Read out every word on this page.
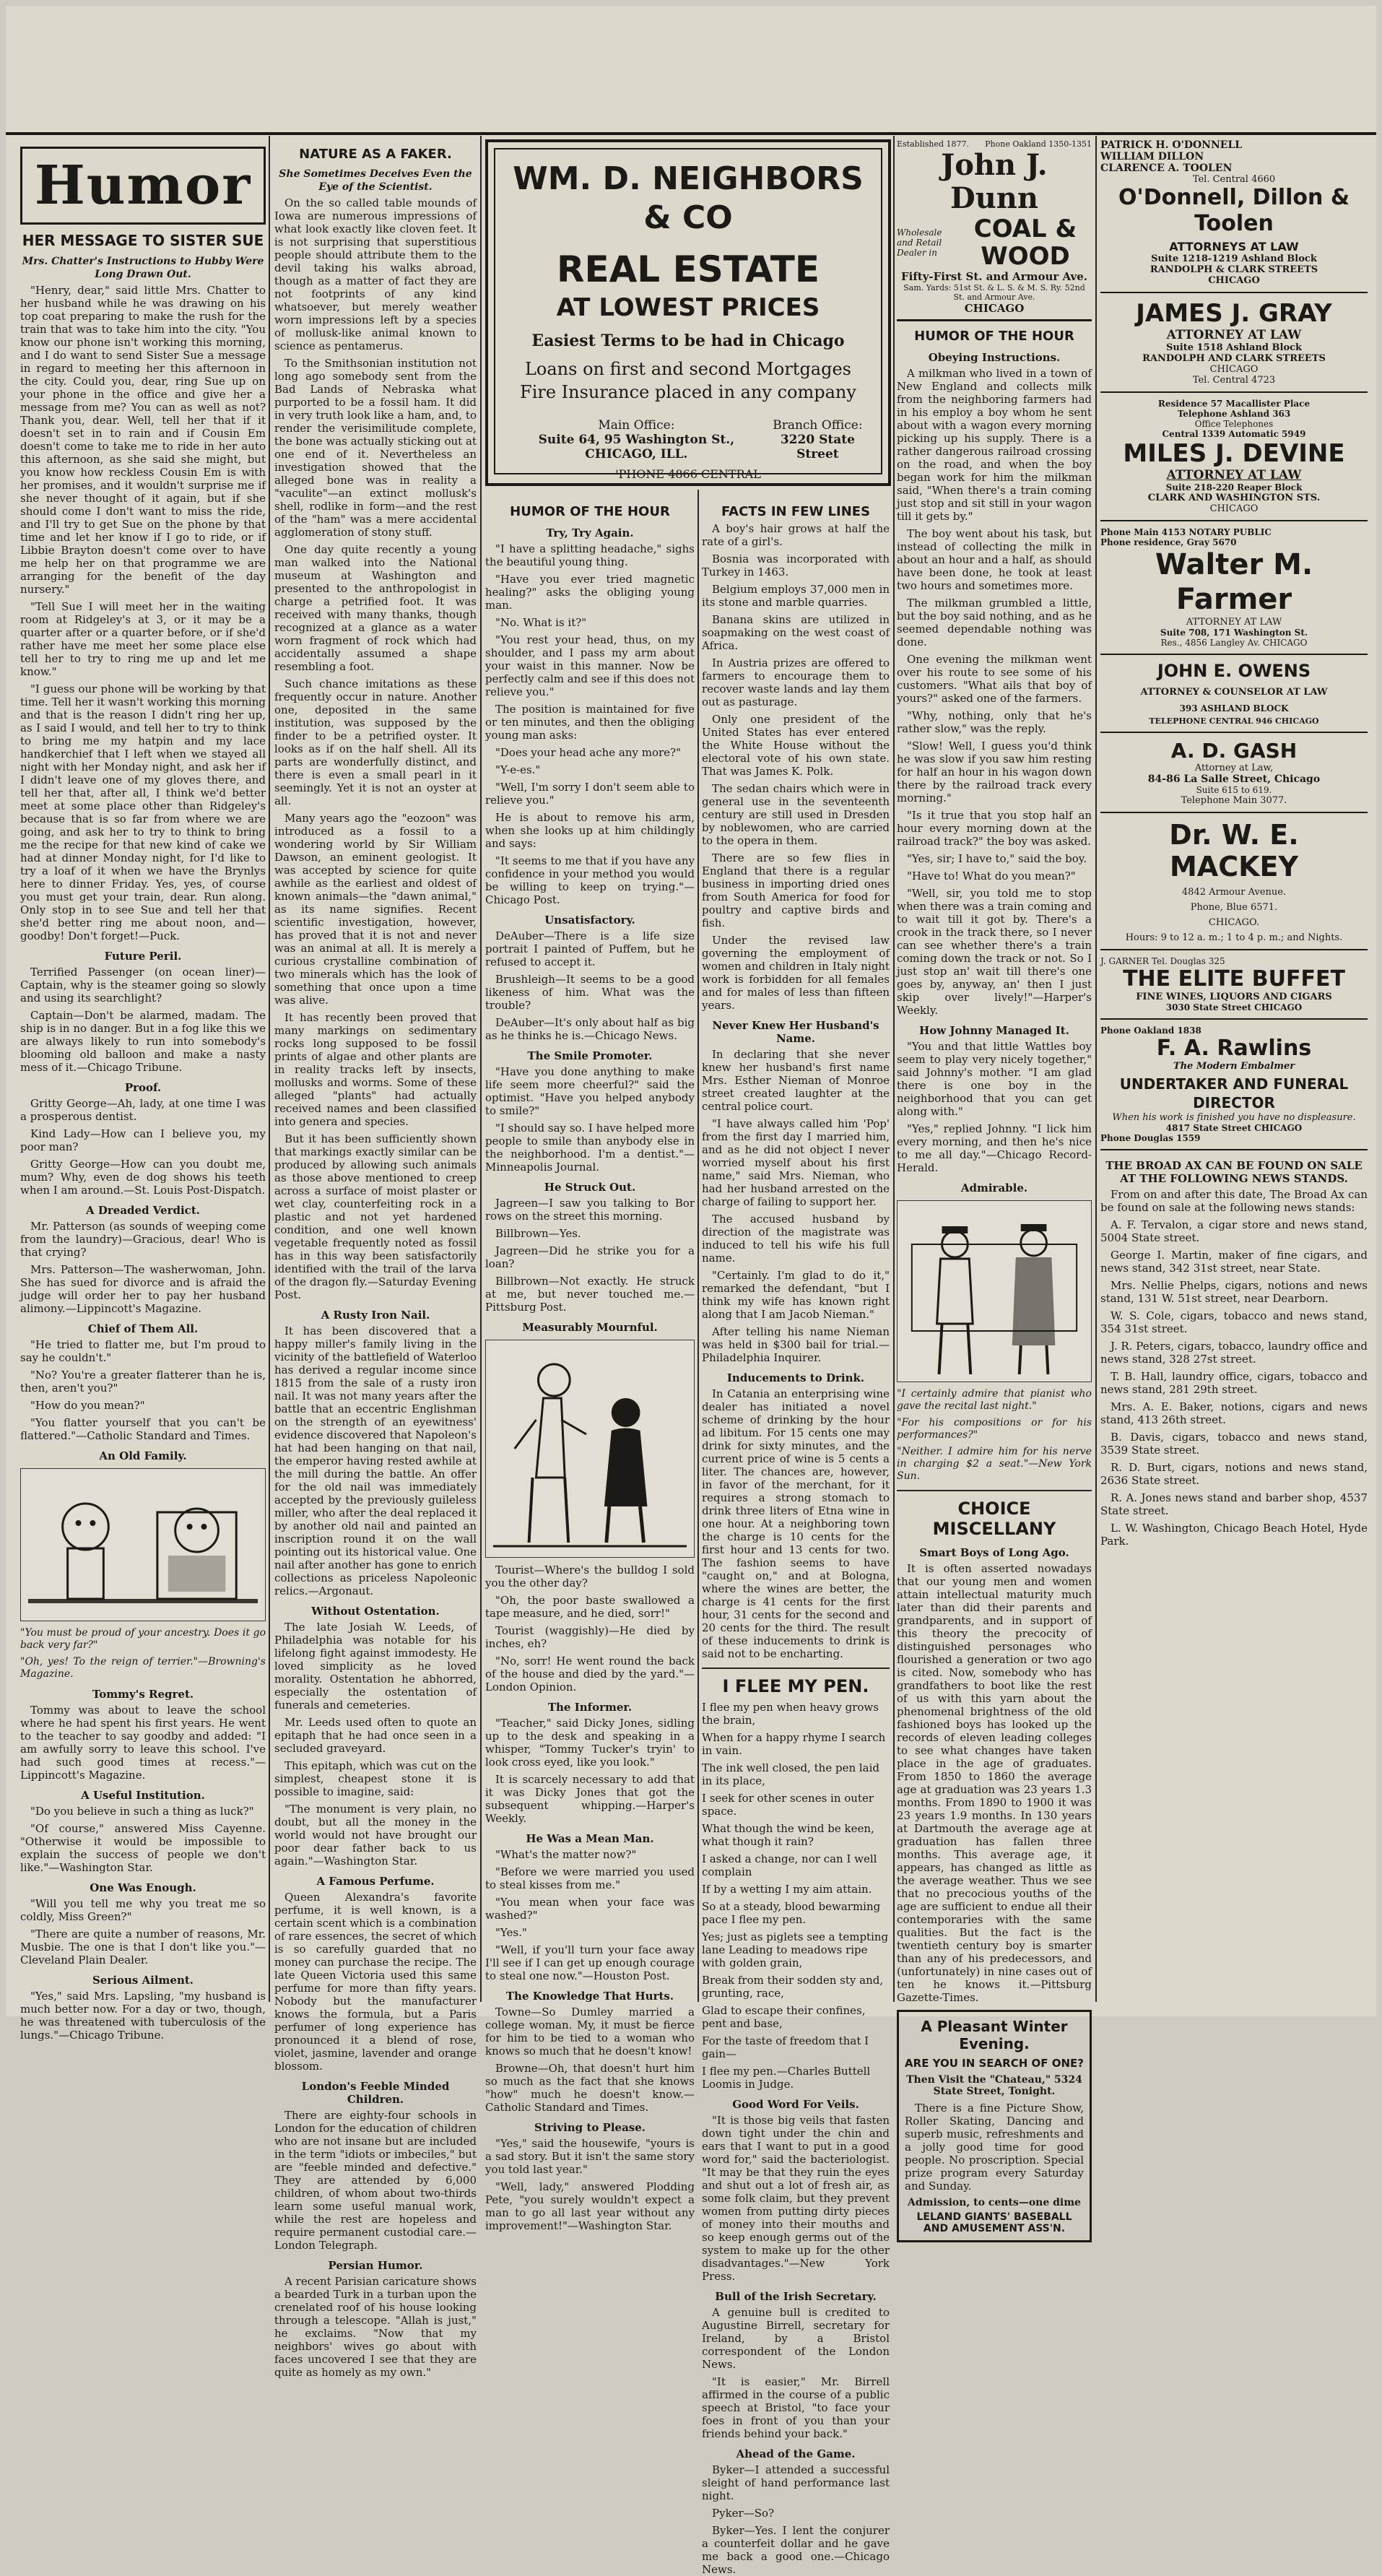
Humor
HER MESSAGE TO SISTER SUE

Mrs. Chatter's Instructions to Hubby Were Long Drawn Out.

"Henry, dear," said little Mrs. Chatter to her husband while he was drawing on his top coat preparing to make the rush for the train that was to take him into the city. "You know our phone isn't working this morning, and I do want to send Sister Sue a message in regard to meeting her this afternoon in the city. Could you, dear, ring Sue up on your phone in the office and give her a message from me? You can as well as not? Thank you, dear. Well, tell her that if it doesn't set in to rain and if Cousin Em doesn't come to take me to ride in her auto this afternoon, as she said she might, but you know how reckless Cousin Em is with her promises, and it wouldn't surprise me if she never thought of it again, but if she should come I don't want to miss the ride, and I'll try to get Sue on the phone by that time and let her know if I go to ride, or if Libbie Brayton doesn't come over to have me help her on that programme we are arranging for the benefit of the day nursery."

"Tell Sue I will meet her in the waiting room at Ridgeley's at 3, or it may be a quarter after or a quarter before, or if she'd rather have me meet her some place else tell her to try to ring me up and let me know."

"I guess our phone will be working by that time. Tell her it wasn't working this morning and that is the reason I didn't ring her up, as I said I would, and tell her to try to think to bring me my hatpin and my lace handkerchief that I left when we stayed all night with her Monday night, and ask her if I didn't leave one of my gloves there, and tell her that, after all, I think we'd better meet at some place other than Ridgeley's because that is so far from where we are going, and ask her to try to think to bring me the recipe for that new kind of cake we had at dinner Monday night, for I'd like to try a loaf of it when we have the Brynlys here to dinner Friday. Yes, yes, of course you must get your train, dear. Run along. Only stop in to see Sue and tell her that she'd better ring me about noon, and—goodby! Don't forget!—Puck.

Future Peril.

Terrified Passenger (on ocean liner)—Captain, why is the steamer going so slowly and using its searchlight?

Captain—Don't be alarmed, madam. The ship is in no danger. But in a fog like this we are always likely to run into somebody's blooming old balloon and make a nasty mess of it.—Chicago Tribune.

Proof.

Gritty George—Ah, lady, at one time I was a prosperous dentist.

Kind Lady—How can I believe you, my poor man?

Gritty George—How can you doubt me, mum? Why, even de dog shows his teeth when I am around.—St. Louis Post-Dispatch.

A Dreaded Verdict.

Mr. Patterson (as sounds of weeping come from the laundry)—Gracious, dear! Who is that crying?

Mrs. Patterson—The washerwoman, John. She has sued for divorce and is afraid the judge will order her to pay her husband alimony.—Lippincott's Magazine.

Chief of Them All.

"He tried to flatter me, but I'm proud to say he couldn't."

"No? You're a greater flatterer than he is, then, aren't you?"

"How do you mean?"

"You flatter yourself that you can't be flattered."—Catholic Standard and Times.

An Old Family.

"You must be proud of your ancestry. Does it go back very far?"

"Oh, yes! To the reign of terrier."—Browning's Magazine.

Tommy's Regret.

Tommy was about to leave the school where he had spent his first years. He went to the teacher to say goodby and added: "I am awfully sorry to leave this school. I've had such good times at recess."—Lippincott's Magazine.

A Useful Institution.

"Do you believe in such a thing as luck?"

"Of course," answered Miss Cayenne. "Otherwise it would be impossible to explain the success of people we don't like."—Washington Star.

One Was Enough.

"Will you tell me why you treat me so coldly, Miss Green?"

"There are quite a number of reasons, Mr. Musbie. The one is that I don't like you."—Cleveland Plain Dealer.

Serious Ailment.

"Yes," said Mrs. Lapsling, "my husband is much better now. For a day or two, though, he was threatened with tuberculosis of the lungs."—Chicago Tribune.

NATURE AS A FAKER.

She Sometimes Deceives Even the Eye of the Scientist.

On the so called table mounds of Iowa are numerous impressions of what look exactly like cloven feet. It is not surprising that superstitious people should attribute them to the devil taking his walks abroad, though as a matter of fact they are not footprints of any kind whatsoever, but merely weather worn impressions left by a species of mollusk-like animal known to science as pentamerus.

To the Smithsonian institution not long ago somebody sent from the Bad Lands of Nebraska what purported to be a fossil ham. It did in very truth look like a ham, and, to render the verisimilitude complete, the bone was actually sticking out at one end of it. Nevertheless an investigation showed that the alleged bone was in reality a "vaculite"—an extinct mollusk's shell, rodlike in form—and the rest of the "ham" was a mere accidental agglomeration of stony stuff.

One day quite recently a young man walked into the National museum at Washington and presented to the anthropologist in charge a petrified foot. It was received with many thanks, though recognized at a glance as a water worn fragment of rock which had accidentally assumed a shape resembling a foot.

Such chance imitations as these frequently occur in nature. Another one, deposited in the same institution, was supposed by the finder to be a petrified oyster. It looks as if on the half shell. All its parts are wonderfully distinct, and there is even a small pearl in it seemingly. Yet it is not an oyster at all.

Many years ago the "eozoon" was introduced as a fossil to a wondering world by Sir William Dawson, an eminent geologist. It was accepted by science for quite awhile as the earliest and oldest of known animals—the "dawn animal," as its name signifies. Recent scientific investigation, however, has proved that it is not and never was an animal at all. It is merely a curious crystalline combination of two minerals which has the look of something that once upon a time was alive.

It has recently been proved that many markings on sedimentary rocks long supposed to be fossil prints of algae and other plants are in reality tracks left by insects, mollusks and worms. Some of these alleged "plants" had actually received names and been classified into genera and species.

But it has been sufficiently shown that markings exactly similar can be produced by allowing such animals as those above mentioned to creep across a surface of moist plaster or wet clay, counterfeiting rock in a plastic and not yet hardened condition, and one well known vegetable frequently noted as fossil has in this way been satisfactorily identified with the trail of the larva of the dragon fly.—Saturday Evening Post.

A Rusty Iron Nail.

It has been discovered that a happy miller's family living in the vicinity of the battlefield of Waterloo has derived a regular income since 1815 from the sale of a rusty iron nail. It was not many years after the battle that an eccentric Englishman on the strength of an eyewitness' evidence discovered that Napoleon's hat had been hanging on that nail, the emperor having rested awhile at the mill during the battle. An offer for the old nail was immediately accepted by the previously guileless miller, who after the deal replaced it by another old nail and painted an inscription round it on the wall pointing out its historical value. One nail after another has gone to enrich collections as priceless Napoleonic relics.—Argonaut.

Without Ostentation.

The late Josiah W. Leeds, of Philadelphia was notable for his lifelong fight against immodesty. He loved simplicity as he loved morality. Ostentation he abhorred, especially the ostentation of funerals and cemeteries.

Mr. Leeds used often to quote an epitaph that he had once seen in a secluded graveyard.

This epitaph, which was cut on the simplest, cheapest stone it is possible to imagine, said:

"The monument is very plain, no doubt, but all the money in the world would not have brought our poor dear father back to us again."—Washington Star.

A Famous Perfume.

Queen Alexandra's favorite perfume, it is well known, is a certain scent which is a combination of rare essences, the secret of which is so carefully guarded that no money can purchase the recipe. The late Queen Victoria used this same perfume for more than fifty years. Nobody but the manufacturer knows the formula, but a Paris perfumer of long experience has pronounced it a blend of rose, violet, jasmine, lavender and orange blossom.

London's Feeble Minded Children.

There are eighty-four schools in London for the education of children who are not insane but are included in the term "idiots or imbeciles," but are "feeble minded and defective." They are attended by 6,000 children, of whom about two-thirds learn some useful manual work, while the rest are hopeless and require permanent custodial care.—London Telegraph.

Persian Humor.

A recent Parisian caricature shows a bearded Turk in a turban upon the crenelated roof of his house looking through a telescope. "Allah is just," he exclaims. "Now that my neighbors' wives go about with faces uncovered I see that they are quite as homely as my own."

WM. D. NEIGHBORS & CO
REAL ESTATE
AT LOWEST PRICES
Easiest Terms to be had in Chicago
Loans on first and second Mortgages
Fire Insurance placed in any company
Main Office:
Suite 64, 95 Washington St., CHICAGO, ILL.
Branch Office:
3220 State Street
'PHONE 4866 CENTRAL
HUMOR OF THE HOUR
Try, Try Again.

"I have a splitting headache," sighs the beautiful young thing.

"Have you ever tried magnetic healing?" asks the obliging young man.

"No. What is it?"

"You rest your head, thus, on my shoulder, and I pass my arm about your waist in this manner. Now be perfectly calm and see if this does not relieve you."

The position is maintained for five or ten minutes, and then the obliging young man asks:

"Does your head ache any more?"

"Y-e-es."

"Well, I'm sorry I don't seem able to relieve you."

He is about to remove his arm, when she looks up at him childingly and says:

"It seems to me that if you have any confidence in your method you would be willing to keep on trying."—Chicago Post.

Unsatisfactory.

DeAuber—There is a life size portrait I painted of Puffem, but he refused to accept it.

Brushleigh—It seems to be a good likeness of him. What was the trouble?

DeAuber—It's only about half as big as he thinks he is.—Chicago News.

The Smile Promoter.

"Have you done anything to make life seem more cheerful?" said the optimist. "Have you helped anybody to smile?"

"I should say so. I have helped more people to smile than anybody else in the neighborhood. I'm a dentist."—Minneapolis Journal.

He Struck Out.

Jagreen—I saw you talking to Bor rows on the street this morning.

Billbrown—Yes.

Jagreen—Did he strike you for a loan?

Billbrown—Not exactly. He struck at me, but never touched me.—Pittsburg Post.

Measurably Mournful.

Tourist—Where's the bulldog I sold you the other day?

"Oh, the poor baste swallowed a tape measure, and he died, sorr!"

Tourist (waggishly)—He died by inches, eh?

"No, sorr! He went round the back of the house and died by the yard."—London Opinion.

The Informer.

"Teacher," said Dicky Jones, sidling up to the desk and speaking in a whisper, "Tommy Tucker's tryin' to look cross eyed, like you look."

It is scarcely necessary to add that it was Dicky Jones that got the subsequent whipping.—Harper's Weekly.

He Was a Mean Man.

"What's the matter now?"

"Before we were married you used to steal kisses from me."

"You mean when your face was washed?"

"Yes."

"Well, if you'll turn your face away I'll see if I can get up enough courage to steal one now."—Houston Post.

The Knowledge That Hurts.

Towne—So Dumley married a college woman. My, it must be fierce for him to be tied to a woman who knows so much that he doesn't know!

Browne—Oh, that doesn't hurt him so much as the fact that she knows "how" much he doesn't know.—Catholic Standard and Times.

Striving to Please.

"Yes," said the housewife, "yours is a sad story. But it isn't the same story you told last year."

"Well, lady," answered Plodding Pete, "you surely wouldn't expect a man to go all last year without any improvement!"—Washington Star.

FACTS IN FEW LINES

A boy's hair grows at half the rate of a girl's.

Bosnia was incorporated with Turkey in 1463.

Belgium employs 37,000 men in its stone and marble quarries.

Banana skins are utilized in soapmaking on the west coast of Africa.

In Austria prizes are offered to farmers to encourage them to recover waste lands and lay them out as pasturage.

Only one president of the United States has ever entered the White House without the electoral vote of his own state. That was James K. Polk.

The sedan chairs which were in general use in the seventeenth century are still used in Dresden by noblewomen, who are carried to the opera in them.

There are so few flies in England that there is a regular business in importing dried ones from South America for food for poultry and captive birds and fish.

Under the revised law governing the employment of women and children in Italy night work is forbidden for all females and for males of less than fifteen years.

Never Knew Her Husband's Name.

In declaring that she never knew her husband's first name Mrs. Esther Nieman of Monroe street created laughter at the central police court.

"I have always called him 'Pop' from the first day I married him, and as he did not object I never worried myself about his first name," said Mrs. Nieman, who had her husband arrested on the charge of failing to support her.

The accused husband by direction of the magistrate was induced to tell his wife his full name.

"Certainly. I'm glad to do it," remarked the defendant, "but I think my wife has known right along that I am Jacob Nieman."

After telling his name Nieman was held in $300 bail for trial.—Philadelphia Inquirer.

Inducements to Drink.

In Catania an enterprising wine dealer has initiated a novel scheme of drinking by the hour ad libitum. For 15 cents one may drink for sixty minutes, and the current price of wine is 5 cents a liter. The chances are, however, in favor of the merchant, for it requires a strong stomach to drink three liters of Etna wine in one hour. At a neighboring town the charge is 10 cents for the first hour and 13 cents for two. The fashion seems to have "caught on," and at Bologna, where the wines are better, the charge is 41 cents for the first hour, 31 cents for the second and 20 cents for the third. The result of these inducements to drink is said not to be encharting.

I FLEE MY PEN.

I flee my pen when heavy grows the brain,

When for a happy rhyme I search in vain.

The ink well closed, the pen laid in its place,

I seek for other scenes in outer space.

What though the wind be keen, what though it rain?

I asked a change, nor can I well complain

If by a wetting I my aim attain.

So at a steady, blood bewarming pace I flee my pen.

Yes; just as piglets see a tempting lane Leading to meadows ripe with golden grain,

Break from their sodden sty and, grunting, race,

Glad to escape their confines, pent and base,

For the taste of freedom that I gain—

I flee my pen.—Charles Buttell Loomis in Judge.

Good Word For Veils.

"It is those big veils that fasten down tight under the chin and ears that I want to put in a good word for," said the bacteriologist. "It may be that they ruin the eyes and shut out a lot of fresh air, as some folk claim, but they prevent women from putting dirty pieces of money into their mouths and so keep enough germs out of the system to make up for the other disadvantages."—New York Press.

Bull of the Irish Secretary.

A genuine bull is credited to Augustine Birrell, secretary for Ireland, by a Bristol correspondent of the London News.

"It is easier," Mr. Birrell affirmed in the course of a public speech at Bristol, "to face your foes in front of you than your friends behind your back."

Ahead of the Game.

Byker—I attended a successful sleight of hand performance last night.

Pyker—So?

Byker—Yes. I lent the conjurer a counterfeit dollar and he gave me back a good one.—Chicago News.

Established 1877. Phone Oakland 1350-1351
John J. Dunn
Wholesale and Retail Dealer in
COAL & WOOD
Fifty-First St. and Armour Ave.
Sam. Yards: 51st St. & L. S. & M. S. Ry. 52nd St. and Armour Ave.
CHICAGO
HUMOR OF THE HOUR
Obeying Instructions.

A milkman who lived in a town of New England and collects milk from the neighboring farmers had in his employ a boy whom he sent about with a wagon every morning picking up his supply. There is a rather dangerous railroad crossing on the road, and when the boy began work for him the milkman said, "When there's a train coming just stop and sit still in your wagon till it gets by."

The boy went about his task, but instead of collecting the milk in about an hour and a half, as should have been done, he took at least two hours and sometimes more.

The milkman grumbled a little, but the boy said nothing, and as he seemed dependable nothing was done.

One evening the milkman went over his route to see some of his customers. "What ails that boy of yours?" asked one of the farmers.

"Why, nothing, only that he's rather slow," was the reply.

"Slow! Well, I guess you'd think he was slow if you saw him resting for half an hour in his wagon down there by the railroad track every morning."

"Is it true that you stop half an hour every morning down at the railroad track?" the boy was asked.

"Yes, sir; I have to," said the boy.

"Have to! What do you mean?"

"Well, sir, you told me to stop when there was a train coming and to wait till it got by. There's a crook in the track there, so I never can see whether there's a train coming down the track or not. So I just stop an' wait till there's one goes by, anyway, an' then I just skip over lively!"—Harper's Weekly.

How Johnny Managed It.

"You and that little Wattles boy seem to play very nicely together," said Johnny's mother. "I am glad there is one boy in the neighborhood that you can get along with."

"Yes," replied Johnny. "I lick him every morning, and then he's nice to me all day."—Chicago Record-Herald.

Admirable.

"I certainly admire that pianist who gave the recital last night."

"For his compositions or for his performances?"

"Neither. I admire him for his nerve in charging $2 a seat."—New York Sun.

CHOICE MISCELLANY
Smart Boys of Long Ago.

It is often asserted nowadays that our young men and women attain intellectual maturity much later than did their parents and grandparents, and in support of this theory the precocity of distinguished personages who flourished a generation or two ago is cited. Now, somebody who has grandfathers to boot like the rest of us with this yarn about the phenomenal brightness of the old fashioned boys has looked up the records of eleven leading colleges to see what changes have taken place in the age of graduates. From 1850 to 1860 the average age at graduation was 23 years 1.3 months. From 1890 to 1900 it was 23 years 1.9 months. In 130 years at Dartmouth the average age at graduation has fallen three months. This average age, it appears, has changed as little as the average weather. Thus we see that no precocious youths of the age are sufficient to endue all their contemporaries with the same qualities. But the fact is the twentieth century boy is smarter than any of his predecessors, and (unfortunately) in nine cases out of ten he knows it.—Pittsburg Gazette-Times.

A Pleasant Winter Evening.
ARE YOU IN SEARCH OF ONE?
Then Visit the "Chateau," 5324 State Street, Tonight.

There is a fine Picture Show, Roller Skating, Dancing and superb music, refreshments and a jolly good time for good people. No proscription. Special prize program every Saturday and Sunday.

Admission, to cents—one dime
LELAND GIANTS' BASEBALL AND AMUSEMENT ASS'N.
PATRICK H. O'DONNELL
WILLIAM DILLON
CLARENCE A. TOOLEN
Tel. Central 4660
O'Donnell, Dillon & Toolen
ATTORNEYS AT LAW
Suite 1218-1219 Ashland Block
RANDOLPH & CLARK STREETS
CHICAGO
JAMES J. GRAY
ATTORNEY AT LAW
Suite 1518 Ashland Block
RANDOLPH AND CLARK STREETS
CHICAGO
Tel. Central 4723
Residence 57 Macallister Place
Telephone Ashland 363
Office Telephones
Central 1339 Automatic 5949
MILES J. DEVINE
ATTORNEY AT LAW
Suite 218-220 Reaper Block
CLARK AND WASHINGTON STS.
CHICAGO
Phone Main 4153 NOTARY PUBLIC
Phone residence, Gray 5670
Walter M. Farmer
ATTORNEY AT LAW
Suite 708, 171 Washington St.
Res., 4856 Langley Av. CHICAGO
JOHN E. OWENS
ATTORNEY & COUNSELOR AT LAW
393 ASHLAND BLOCK
TELEPHONE CENTRAL 946 CHICAGO
A. D. GASH
Attorney at Law,
84-86 La Salle Street, Chicago
Suite 615 to 619.
Telephone Main 3077.
Dr. W. E. MACKEY
4842 Armour Avenue.
Phone, Blue 6571.
CHICAGO.
Hours: 9 to 12 a. m.; 1 to 4 p. m.; and Nights.
J. GARNER Tel. Douglas 325
THE ELITE BUFFET
FINE WINES, LIQUORS AND CIGARS
3030 State Street CHICAGO
Phone Oakland 1838
F. A. Rawlins
The Modern Embalmer
UNDERTAKER AND FUNERAL DIRECTOR
When his work is finished you have no displeasure.
4817 State Street CHICAGO
Phone Douglas 1559
THE BROAD AX CAN BE FOUND ON SALE AT THE FOLLOWING NEWS STANDS.

From on and after this date, The Broad Ax can be found on sale at the following news stands:

A. F. Tervalon, a cigar store and news stand, 5004 State street.

George I. Martin, maker of fine cigars, and news stand, 342 31st street, near State.

Mrs. Nellie Phelps, cigars, notions and news stand, 131 W. 51st street, near Dearborn.

W. S. Cole, cigars, tobacco and news stand, 354 31st street.

J. R. Peters, cigars, tobacco, laundry office and news stand, 328 27st street.

T. B. Hall, laundry office, cigars, tobacco and news stand, 281 29th street.

Mrs. A. E. Baker, notions, cigars and news stand, 413 26th street.

B. Davis, cigars, tobacco and news stand, 3539 State street.

R. D. Burt, cigars, notions and news stand, 2636 State street.

R. A. Jones news stand and barber shop, 4537 State street.

L. W. Washington, Chicago Beach Hotel, Hyde Park.
